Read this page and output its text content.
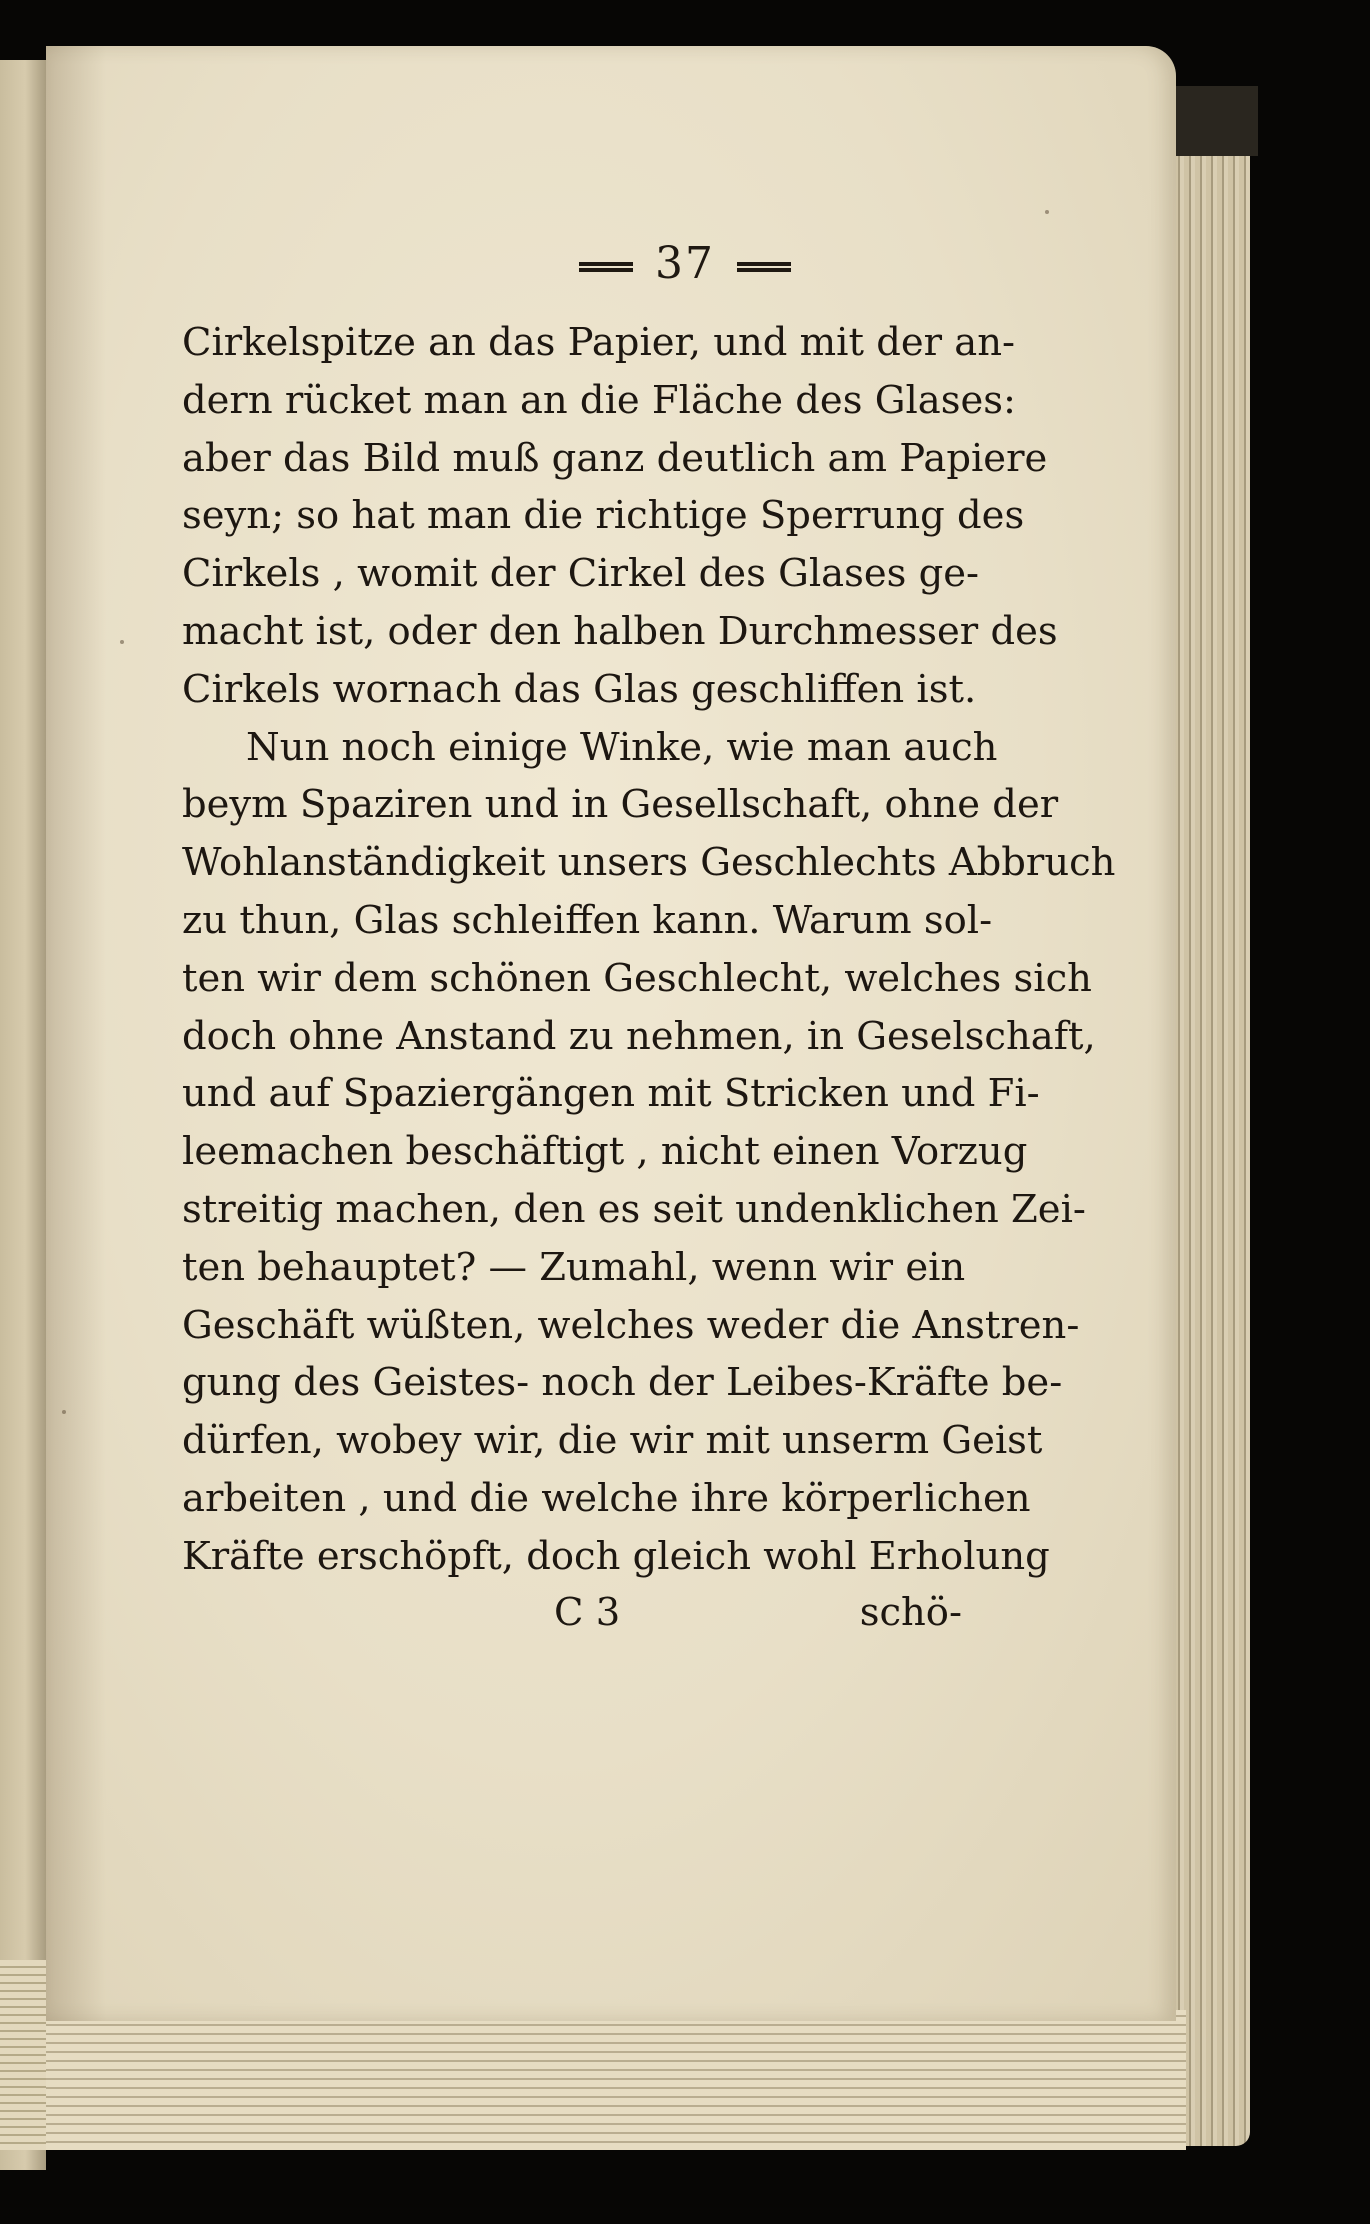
37
Cirkelspitze an das Papier, und mit der an-
dern rücket man an die Fläche des Glases:
aber das Bild muß ganz deutlich am Papiere
seyn; so hat man die richtige Sperrung des
Cirkels , womit der Cirkel des Glases ge-
macht ist, oder den halben Durchmesser des
Cirkels wornach das Glas geschliffen ist.
Nun noch einige Winke, wie man auch
beym Spaziren und in Gesellschaft, ohne der
Wohlanständigkeit unsers Geschlechts Abbruch
zu thun, Glas schleiffen kann. Warum sol-
ten wir dem schönen Geschlecht, welches sich
doch ohne Anstand zu nehmen, in Geselschaft,
und auf Spaziergängen mit Stricken und Fi-
leemachen beschäftigt , nicht einen Vorzug
streitig machen, den es seit undenklichen Zei-
ten behauptet? — Zumahl, wenn wir ein
Geschäft wüßten, welches weder die Anstren-
gung des Geistes- noch der Leibes-Kräfte be-
dürfen, wobey wir, die wir mit unserm Geist
arbeiten , und die welche ihre körperlichen
Kräfte erschöpft, doch gleich wohl Erholung
C 3	schö-
